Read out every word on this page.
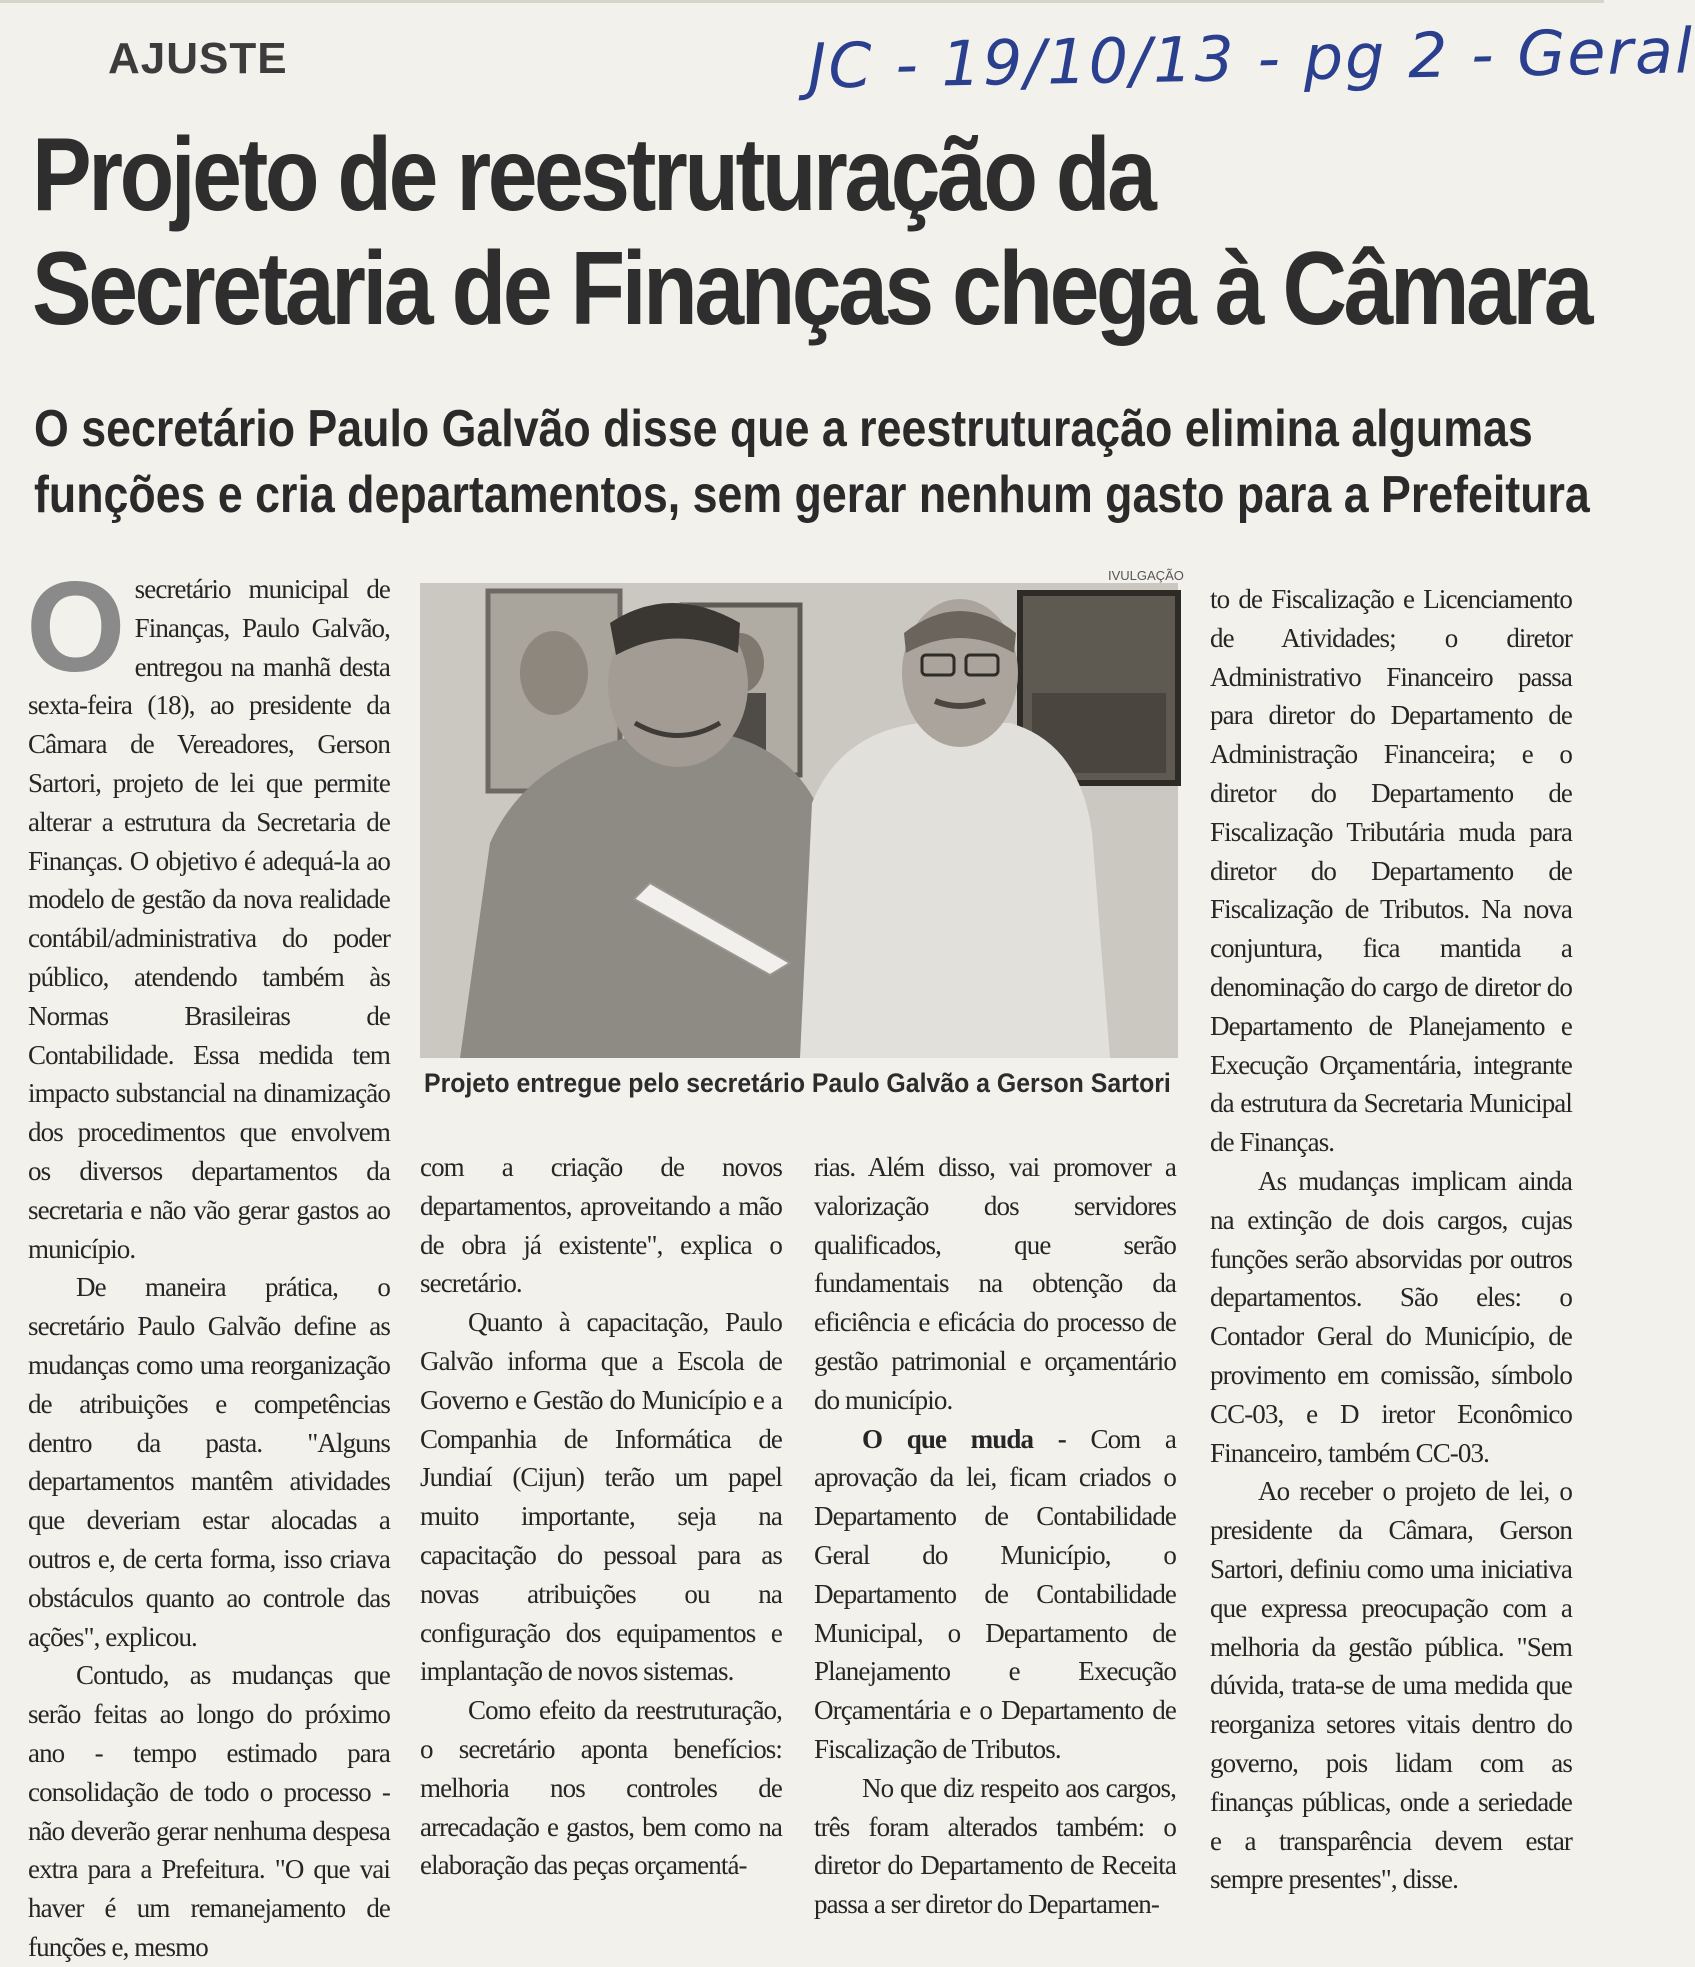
JC - 19/10/13 - pg 2 - Geral
AJUSTE
Projeto de reestruturação da
Secretaria de Finanças chega à Câmara
O secretário Paulo Galvão disse que a reestruturação elimina algumas
funções e cria departamentos, sem gerar nenhum gasto para a Prefeitura

Osecretário municipal de Finanças, Paulo Galvão, entregou na manhã desta sexta-feira (18), ao presidente da Câmara de Vereadores, Gerson Sartori, projeto de lei que permite alterar a estrutura da Secretaria de Finanças. O objetivo é adequá-la ao modelo de gestão da nova realidade contábil/administrativa do poder público, atendendo também às Normas Brasileiras de Contabilidade. Essa medida tem impacto substancial na dinamização dos procedimentos que envolvem os diversos departamentos da secretaria e não vão gerar gastos ao município.

De maneira prática, o secretário Paulo Galvão define as mudanças como uma reorganização de atribuições e competências dentro da pasta. "Alguns departamentos mantêm atividades que deveriam estar alocadas a outros e, de certa forma, isso criava obstáculos quanto ao controle das ações", explicou.

Contudo, as mudanças que serão feitas ao longo do próximo ano - tempo estimado para consolidação de todo o processo - não deverão gerar nenhuma despesa extra para a Prefeitura. "O que vai haver é um remanejamento de funções e, mesmo

IVULGAÇÃO
Projeto entregue pelo secretário Paulo Galvão a Gerson Sartori

com a criação de novos departamentos, aproveitando a mão de obra já existente", explica o secretário.

Quanto à capacitação, Paulo Galvão informa que a Escola de Governo e Gestão do Município e a Companhia de Informática de Jundiaí (Cijun) terão um papel muito importante, seja na capacitação do pessoal para as novas atribuições ou na configuração dos equipamentos e implantação de novos sistemas.

Como efeito da reestruturação, o secretário aponta benefícios: melhoria nos controles de arrecadação e gastos, bem como na elaboração das peças orçamentá-

rias. Além disso, vai promover a valorização dos servidores qualificados, que serão fundamentais na obtenção da eficiência e eficácia do processo de gestão patrimonial e orçamentário do município.

O que muda - Com a aprovação da lei, ficam criados o Departamento de Contabilidade Geral do Município, o Departamento de Contabilidade Municipal, o Departamento de Planejamento e Execução Orçamentária e o Departamento de Fiscalização de Tributos.

No que diz respeito aos cargos, três foram alterados também: o diretor do Departamento de Receita passa a ser diretor do Departamen-

to de Fiscalização e Licenciamento de Atividades; o diretor Administrativo Financeiro passa para diretor do Departamento de Administração Financeira; e o diretor do Departamento de Fiscalização Tributária muda para diretor do Departamento de Fiscalização de Tributos. Na nova conjuntura, fica mantida a denominação do cargo de diretor do Departamento de Planejamento e Execução Orçamentária, integrante da estrutura da Secretaria Municipal de Finanças.

As mudanças implicam ainda na extinção de dois cargos, cujas funções serão absorvidas por outros departamentos. São eles: o Contador Geral do Município, de provimento em comissão, símbolo CC-03, e D iretor Econômico Financeiro, também CC-03.

Ao receber o projeto de lei, o presidente da Câmara, Gerson Sartori, definiu como uma iniciativa que expressa preocupação com a melhoria da gestão pública. "Sem dúvida, trata-se de uma medida que reorganiza setores vitais dentro do governo, pois lidam com as finanças públicas, onde a seriedade e a transparência devem estar sempre presentes", disse.
